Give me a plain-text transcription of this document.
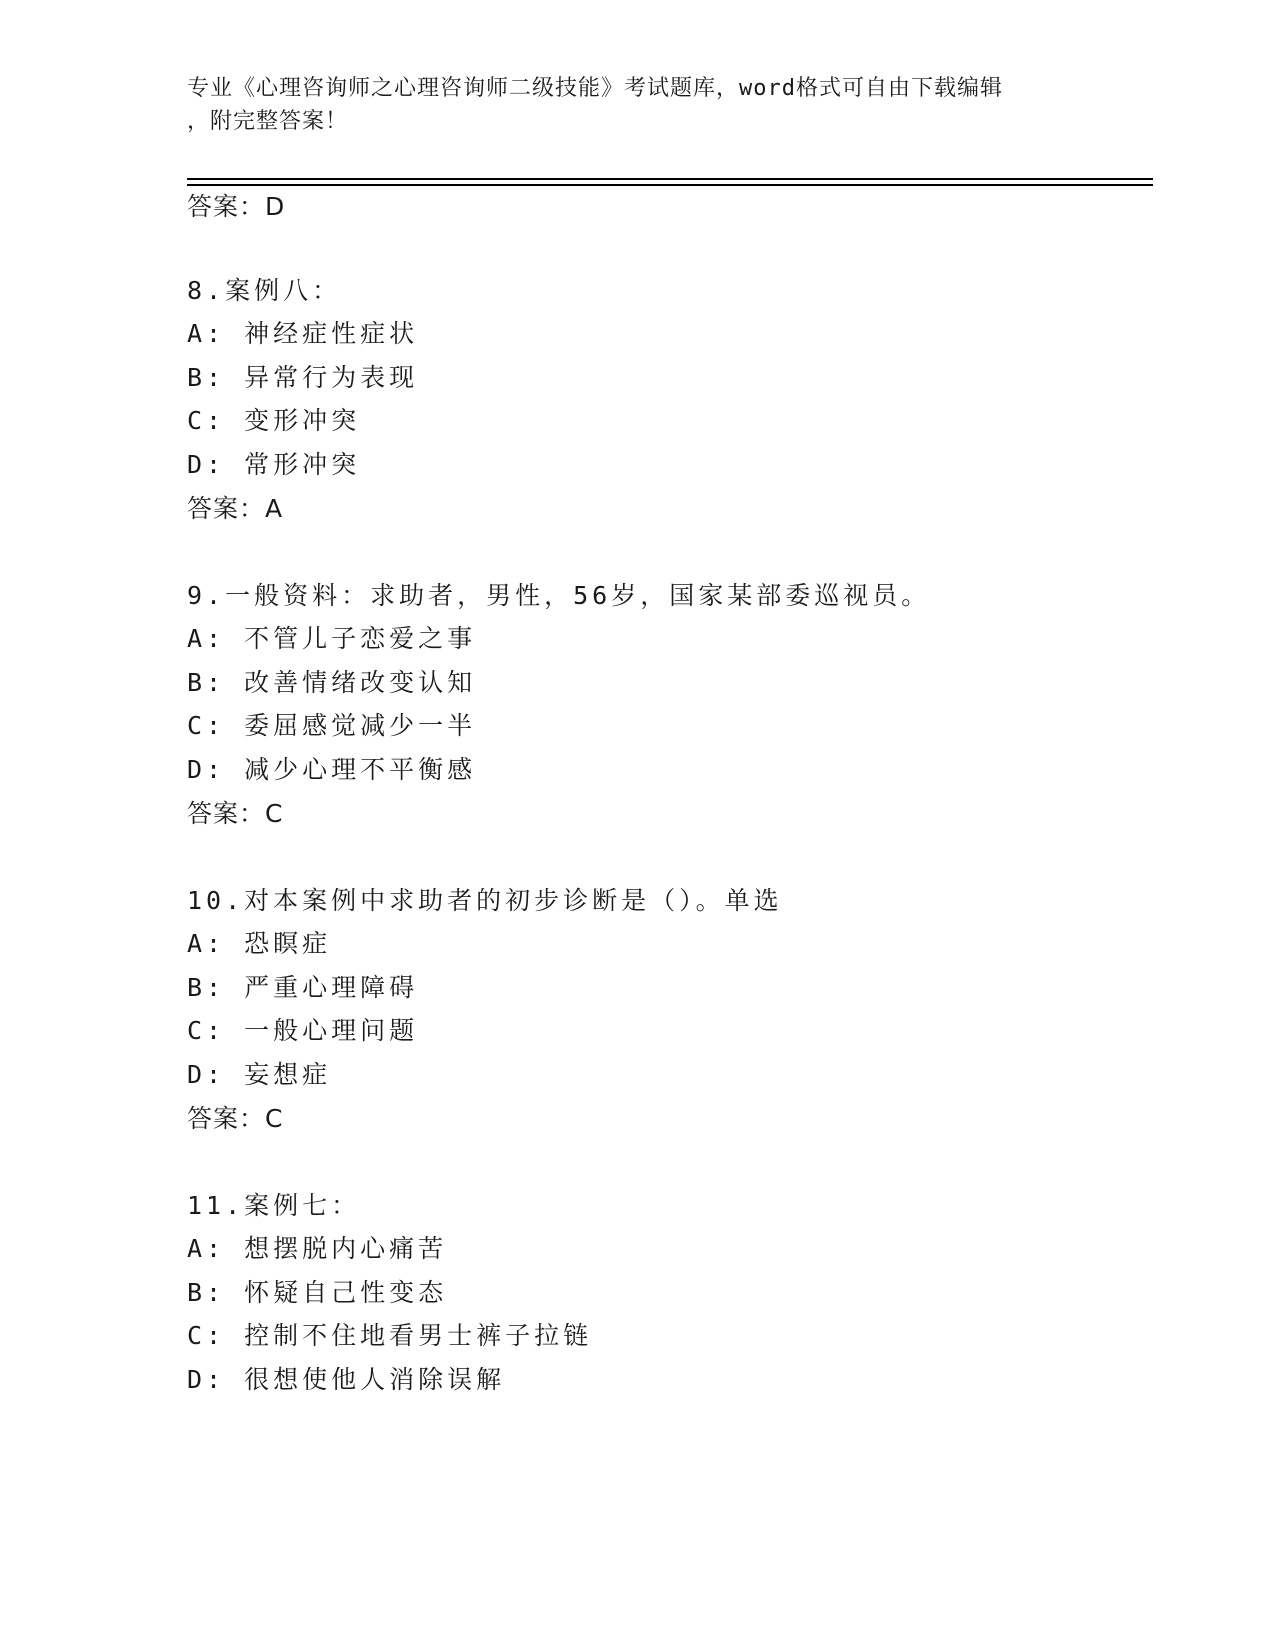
专业《心理咨询师之心理咨询师二级技能》考试题库，word格式可自由下载编辑
，附完整答案！
答案：D
8.案例八：
A: 神经症性症状
B: 异常行为表现
C: 变形冲突
D: 常形冲突
答案：A
9.一般资料：求助者，男性，56岁，国家某部委巡视员。
A: 不管儿子恋爱之事
B: 改善情绪改变认知
C: 委屈感觉减少一半
D: 减少心理不平衡感
答案：C
10.对本案例中求助者的初步诊断是（）。单选
A: 恐瞑症
B: 严重心理障碍
C: 一般心理问题
D: 妄想症
答案：C
11.案例七：
A: 想摆脱内心痛苦
B: 怀疑自己性变态
C: 控制不住地看男士裤子拉链
D: 很想使他人消除误解
